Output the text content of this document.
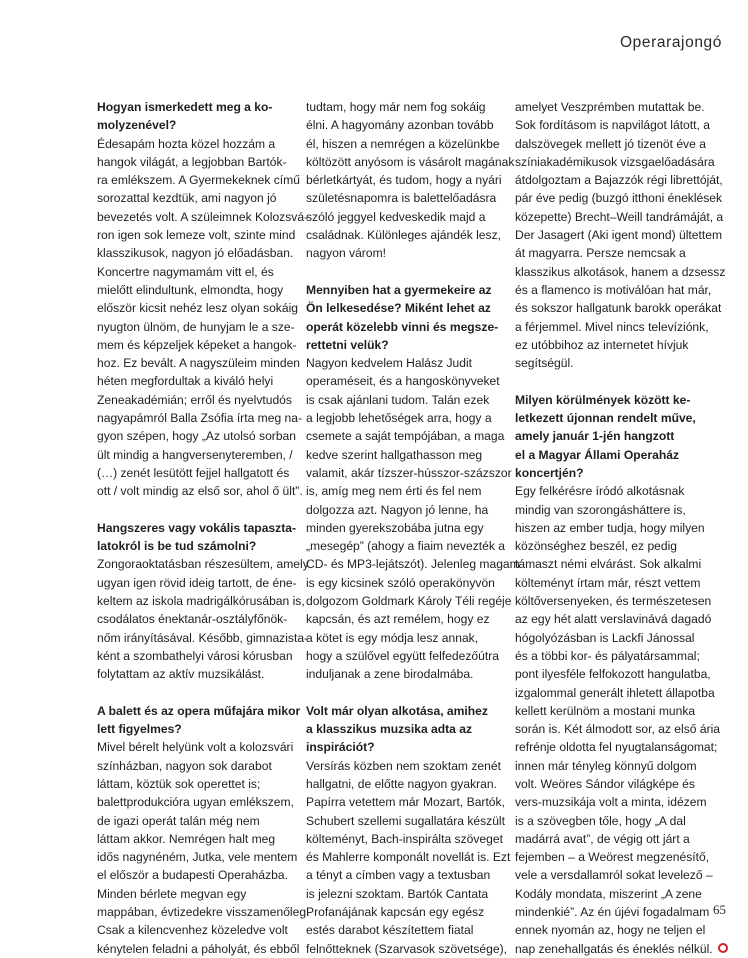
Operarajongó
Hogyan ismerkedett meg a ko-
molyzenével?
Édesapám hozta közel hozzám a
hangok világát, a legjobban Bartók-
ra emlékszem. A Gyermekeknek című
sorozattal kezdtük, ami nagyon jó
bevezetés volt. A szüleimnek Kolozsvá-
ron igen sok lemeze volt, szinte mind
klasszikusok, nagyon jó előadásban.
Koncertre nagymamám vitt el, és
mielőtt elindultunk, elmondta, hogy
először kicsit nehéz lesz olyan sokáig
nyugton ülnöm, de hunyjam le a sze-
mem és képzeljek képeket a hangok-
hoz. Ez bevált. A nagyszüleim minden
héten megfordultak a kiváló helyi
Zeneakadémián; erről és nyelvtudós
nagyapámról Balla Zsófia írta meg na-
gyon szépen, hogy „Az utolsó sorban
ült mindig a hangversenyteremben, /
(…) zenét lesütött fejjel hallgatott és
ott / volt mindig az első sor, ahol ő ült”.
Hangszeres vagy vokális tapaszta-
latokról is be tud számolni?
Zongoraoktatásban részesültem, amely
ugyan igen rövid ideig tartott, de éne-
keltem az iskola madrigálkórusában is,
csodálatos énektanár-osztályfőnök-
nőm irányításával. Később, gimnazista-
ként a szombathelyi városi kórusban
folytattam az aktív muzsikálást.
A balett és az opera műfajára mikor
lett figyelmes?
Mivel bérelt helyünk volt a kolozsvári
színházban, nagyon sok darabot
láttam, köztük sok operettet is;
balettprodukcióra ugyan emlékszem,
de igazi operát talán még nem
láttam akkor. Nemrégen halt meg
idős nagynéném, Jutka, vele mentem
el először a budapesti Operaházba.
Minden bérlete megvan egy
mappában, évtizedekre visszamenőleg.
Csak a kilencvenhez közeledve volt
kénytelen feladni a páholyát, és ebből
tudtam, hogy már nem fog sokáig
élni. A hagyomány azonban tovább
él, hiszen a nemrégen a közelünkbe
költözött anyósom is vásárolt magának
bérletkártyát, és tudom, hogy a nyári
születésnapomra is balettelőadásra
szóló jeggyel kedveskedik majd a
családnak. Különleges ajándék lesz,
nagyon várom!
Mennyiben hat a gyermekeire az
Ön lelkesedése? Miként lehet az
operát közelebb vinni és megsze-
rettetni velük?
Nagyon kedvelem Halász Judit
operaméseit, és a hangoskönyveket
is csak ajánlani tudom. Talán ezek
a legjobb lehetőségek arra, hogy a
csemete a saját tempójában, a maga
kedve szerint hallgathasson meg
valamit, akár tízszer-hússzor-százszor
is, amíg meg nem érti és fel nem
dolgozza azt. Nagyon jó lenne, ha
minden gyerekszobába jutna egy
„mesegép” (ahogy a fiaim nevezték a
CD- és MP3-lejátszót). Jelenleg magam
is egy kicsinek szóló operakönyvön
dolgozom Goldmark Károly Téli regéje
kapcsán, és azt remélem, hogy ez
a kötet is egy módja lesz annak,
hogy a szülővel együtt felfedezőútra
induljanak a zene birodalmába.
Volt már olyan alkotása, amihez
a klasszikus muzsika adta az
inspirációt?
Versírás közben nem szoktam zenét
hallgatni, de előtte nagyon gyakran.
Papírra vetettem már Mozart, Bartók,
Schubert szellemi sugallatára készült
költeményt, Bach-inspirálta szöveget
és Mahlerre komponált novellát is. Ezt
a tényt a címben vagy a textusban
is jelezni szoktam. Bartók Cantata
Profanájának kapcsán egy egész
estés darabot készítettem fiatal
felnőtteknek (Szarvasok szövetsége),
amelyet Veszprémben mutattak be.
Sok fordításom is napvilágot látott, a
dalszövegek mellett jó tizenöt éve a
színiakadémikusok vizsgaelőadására
átdolgoztam a Bajazzók régi librettóját,
pár éve pedig (buzgó itthoni éneklések
közepette) Brecht–Weill tandrámáját, a
Der Jasagert (Aki igent mond) ültettem
át magyarra. Persze nemcsak a
klasszikus alkotások, hanem a dzsessz
és a flamenco is motiválóan hat már,
és sokszor hallgatunk barokk operákat
a férjemmel. Mivel nincs televíziónk,
ez utóbbihoz az internetet hívjuk
segítségül.
Milyen körülmények között ke-
letkezett újonnan rendelt műve,
amely január 1-jén hangzott
el a Magyar Állami Operaház
koncertjén?
Egy felkérésre íródó alkotásnak
mindig van szorongásháttere is,
hiszen az ember tudja, hogy milyen
közönséghez beszél, ez pedig
támaszt némi elvárást. Sok alkalmi
költeményt írtam már, részt vettem
költőversenyeken, és természetesen
az egy hét alatt verslavinává dagadó
hógolyózásban is Lackfi Jánossal
és a többi kor- és pályatársammal;
pont ilyesféle felfokozott hangulatba,
izgalommal generált ihletett állapotba
kellett kerülnöm a mostani munka
során is. Két álmodott sor, az első ária
refrénje oldotta fel nyugtalanságomat;
innen már tényleg könnyű dolgom
volt. Weöres Sándor világképe és
vers-muzsikája volt a minta, idézem
is a szövegben tőle, hogy „A dal
madárrá avat”, de végig ott járt a
fejemben – a Weörest megzenésítő,
vele a versdallamról sokat levelező –
Kodály mondata, miszerint „A zene
mindenkié”. Az én újévi fogadalmam
ennek nyomán az, hogy ne teljen el
nap zenehallgatás és éneklés nélkül.
65
